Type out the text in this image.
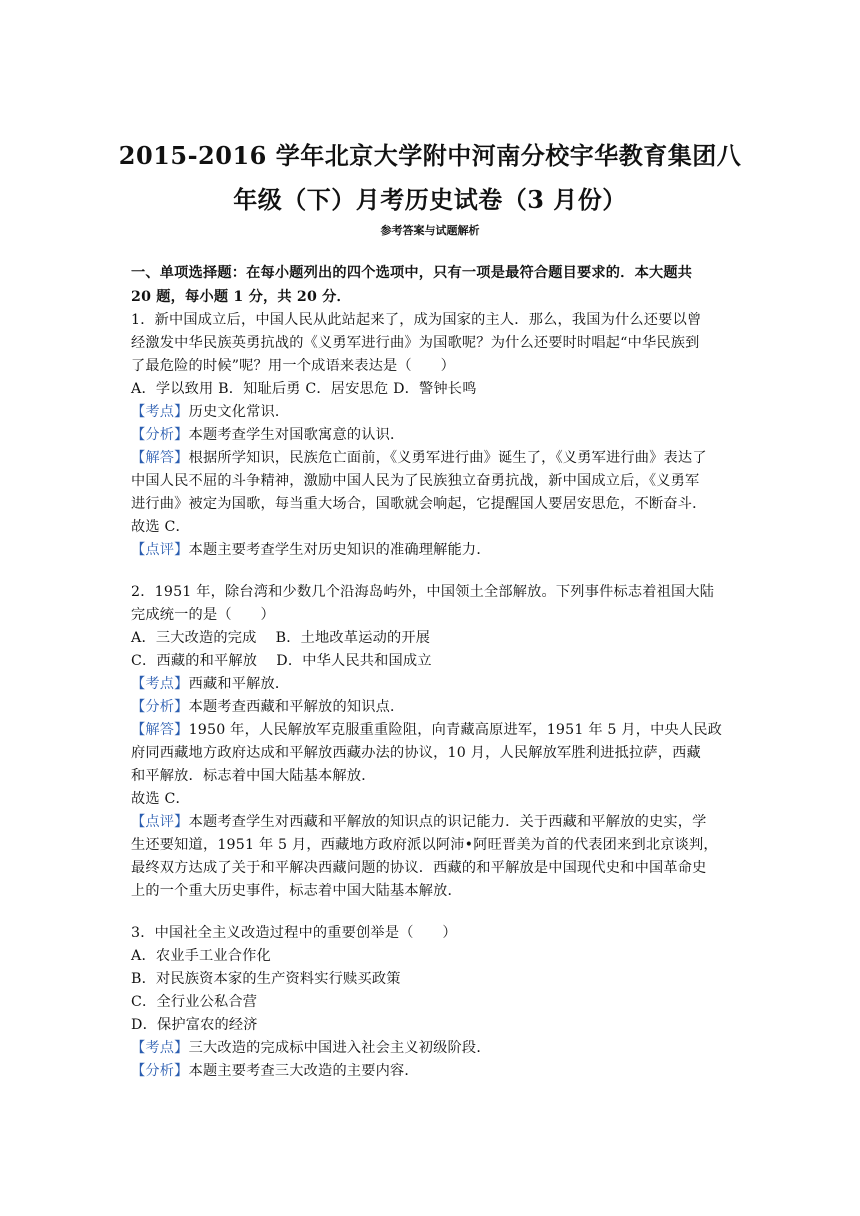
2015-2016 学年北京大学附中河南分校宇华教育集团八
年级（下）月考历史试卷（3 月份）
参考答案与试题解析
一、单项选择题：在每小题列出的四个选项中，只有一项是最符合题目要求的．本大题共
20 题，每小题 1 分，共 20 分．
1．新中国成立后，中国人民从此站起来了，成为国家的主人．那么，我国为什么还要以曾
经激发中华民族英勇抗战的《义勇军进行曲》为国歌呢？为什么还要时时唱起“中华民族到
了最危险的时候”呢？用一个成语来表达是（　　）
A．学以致用 B．知耻后勇 C．居安思危 D．警钟长鸣
【考点】历史文化常识．
【分析】本题考查学生对国歌寓意的认识．
【解答】根据所学知识，民族危亡面前，《义勇军进行曲》诞生了，《义勇军进行曲》表达了
中国人民不屈的斗争精神，激励中国人民为了民族独立奋勇抗战，新中国成立后，《义勇军
进行曲》被定为国歌，每当重大场合，国歌就会响起，它提醒国人要居安思危，不断奋斗．
故选 C．
【点评】本题主要考查学生对历史知识的准确理解能力．
2．1951 年，除台湾和少数几个沿海岛屿外，中国领土全部解放。下列事件标志着祖国大陆
完成统一的是（　　）
A．三大改造的完成　 B．土地改革运动的开展
C．西藏的和平解放　 D．中华人民共和国成立
【考点】西藏和平解放．
【分析】本题考查西藏和平解放的知识点．
【解答】1950 年，人民解放军克服重重险阻，向青藏高原进军，1951 年 5 月，中央人民政
府同西藏地方政府达成和平解放西藏办法的协议，10 月，人民解放军胜利进抵拉萨，西藏
和平解放．标志着中国大陆基本解放．
故选 C．
【点评】本题考查学生对西藏和平解放的知识点的识记能力．关于西藏和平解放的史实，学
生还要知道，1951 年 5 月，西藏地方政府派以阿沛•阿旺晋美为首的代表团来到北京谈判，
最终双方达成了关于和平解决西藏问题的协议．西藏的和平解放是中国现代史和中国革命史
上的一个重大历史事件，标志着中国大陆基本解放．
3．中国社全主义改造过程中的重要创举是（　　）
A．农业手工业合作化
B．对民族资本家的生产资料实行赎买政策
C．全行业公私合营
D．保护富农的经济
【考点】三大改造的完成标中国进入社会主义初级阶段．
【分析】本题主要考查三大改造的主要内容．
